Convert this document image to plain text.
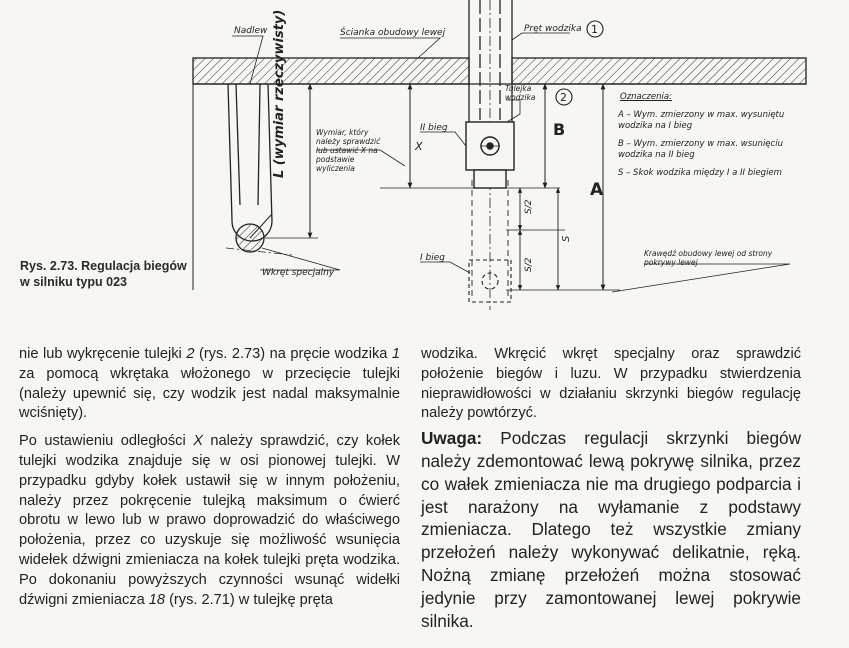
L (wymiar rzeczywisty)	X
B
S/2
S/2
S
A
Nadlew	Ścianka obudowy lewej	Pręt wodzika 1
Tulejka wodzika	2
II bieg
I bieg
Wkręt specjalny
Wymiar, który należy sprawdzić lub ustawić X na podstawie wyliczenia
Oznaczenia:
A – Wym. zmierzony w max. wysuniętu wodzika na I bieg
B – Wym. zmierzony w max. wsunięciu wodzika na II bieg
S – Skok wodzika między I a II biegiem
Krawędź obudowy lewej od strony pokrywy lewej
Rys. 2.73. Regulacja biegów w silniku typu 023

nie lub wykręcenie tulejki 2 (rys. 2.73) na pręcie wodzika 1 za pomocą wkrętaka włożonego w przecięcie tulejki (należy upewnić się, czy wodzik jest nadal maksymalnie wciśnięty).

Po ustawieniu odległości X należy sprawdzić, czy kołek tulejki wodzika znajduje się w osi pionowej tulejki. W przypadku gdyby kołek ustawił się w innym położeniu, należy przez pokręcenie tulejką maksimum o ćwierć obrotu w lewo lub w prawo doprowadzić do właściwego położenia, przez co uzyskuje się możliwość wsunięcia widełek dźwigni zmieniacza na kołek tulejki pręta wodzika. Po dokonaniu powyższych czynności wsunąć widełki dźwigni zmieniacza 18 (rys. 2.71) w tulejkę pręta

wodzika. Wkręcić wkręt specjalny oraz sprawdzić położenie biegów i luzu. W przypadku stwierdzenia nieprawidłowości w działaniu skrzynki biegów regulację należy powtórzyć.

Uwaga: Podczas regulacji skrzynki biegów należy zdemontować lewą pokrywę silnika, przez co wałek zmieniacza nie ma drugiego podparcia i jest narażony na wyłamanie z podstawy zmieniacza. Dlatego też wszystkie zmiany przełożeń należy wykonywać delikatnie, ręką. Nożną zmianę przełożeń można stosować jedynie przy zamontowanej lewej pokrywie silnika.
